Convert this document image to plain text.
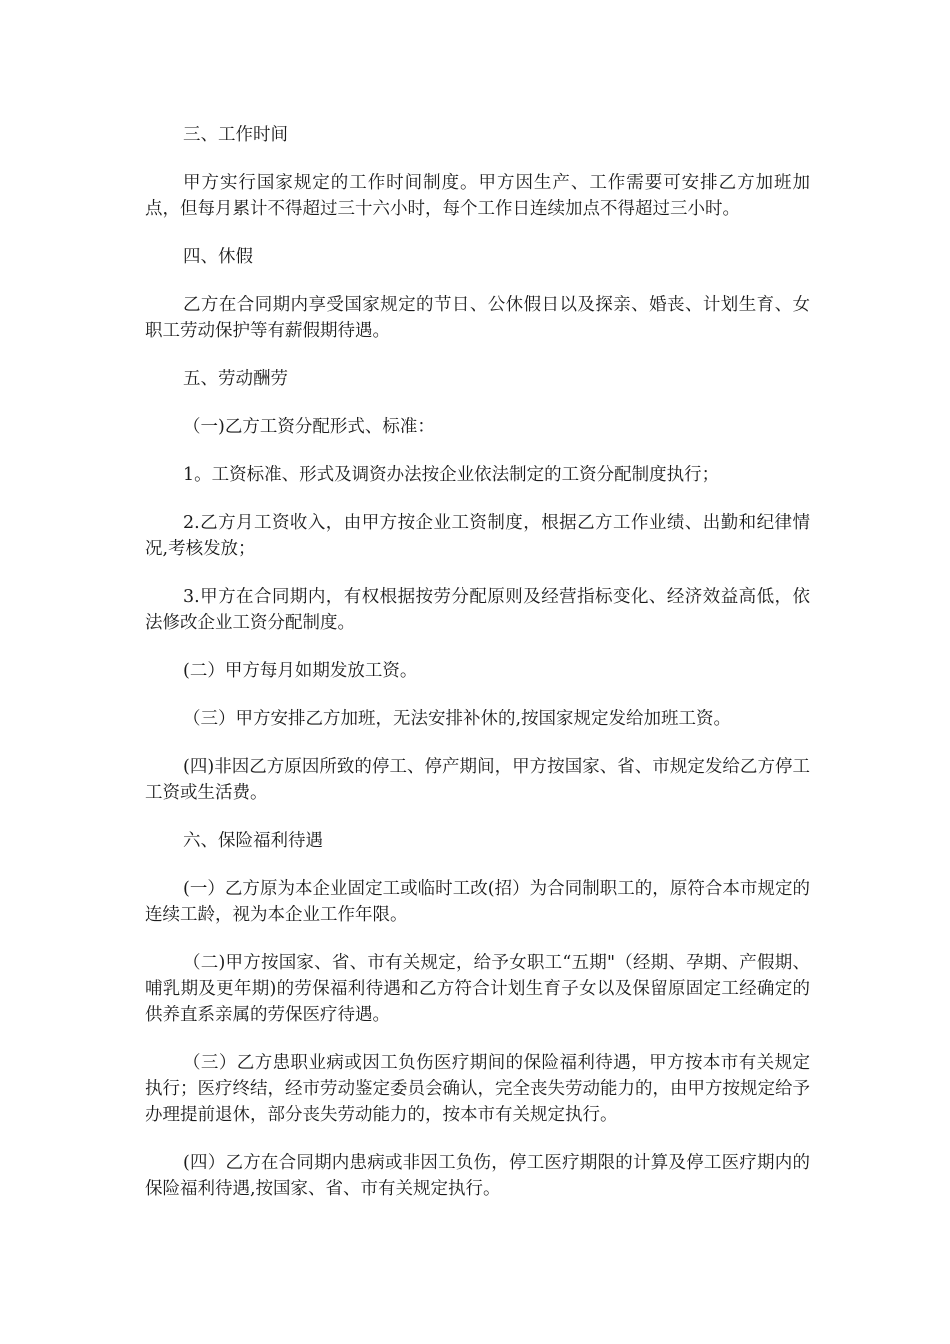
三、工作时间

甲方实行国家规定的工作时间制度。甲方因生产、工作需要可安排乙方加班加点，但每月累计不得超过三十六小时，每个工作日连续加点不得超过三小时。

四、休假

乙方在合同期内享受国家规定的节日、公休假日以及探亲、婚丧、计划生育、女职工劳动保护等有薪假期待遇。

五、劳动酬劳

（一)乙方工资分配形式、标准：

1。工资标准、形式及调资办法按企业依法制定的工资分配制度执行；

2.乙方月工资收入，由甲方按企业工资制度，根据乙方工作业绩、出勤和纪律情况,考核发放；

3.甲方在合同期内，有权根据按劳分配原则及经营指标变化、经济效益高低，依法修改企业工资分配制度。

(二）甲方每月如期发放工资。

（三）甲方安排乙方加班，无法安排补休的,按国家规定发给加班工资。

(四)非因乙方原因所致的停工、停产期间，甲方按国家、省、市规定发给乙方停工工资或生活费。

六、保险福利待遇

(一）乙方原为本企业固定工或临时工改(招）为合同制职工的，原符合本市规定的连续工龄，视为本企业工作年限。

（二)甲方按国家、省、市有关规定，给予女职工“五期"（经期、孕期、产假期、哺乳期及更年期)的劳保福利待遇和乙方符合计划生育子女以及保留原固定工经确定的供养直系亲属的劳保医疗待遇。

（三）乙方患职业病或因工负伤医疗期间的保险福利待遇，甲方按本市有关规定执行；医疗终结，经市劳动鉴定委员会确认，完全丧失劳动能力的，由甲方按规定给予办理提前退休，部分丧失劳动能力的，按本市有关规定执行。

(四）乙方在合同期内患病或非因工负伤，停工医疗期限的计算及停工医疗期内的保险福利待遇,按国家、省、市有关规定执行。
